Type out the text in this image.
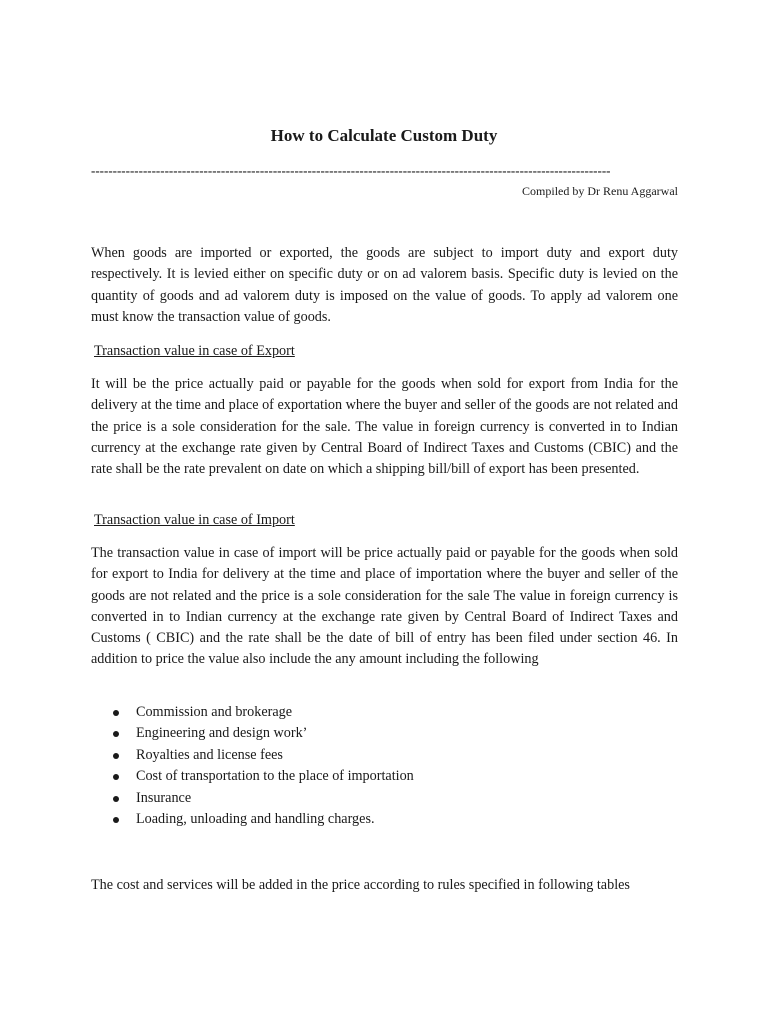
How to Calculate Custom Duty
------------------------------------------------------------------------------------------------------------------------
Compiled by Dr Renu Aggarwal

When goods are imported or exported, the goods are subject to import duty and export duty respectively. It is levied either on specific duty or on ad valorem basis. Specific duty is levied on the quantity of goods and ad valorem duty is imposed on the value of goods. To apply ad valorem one must know the transaction value of goods.

Transaction value in case of Export

It will be the price actually paid or payable for the goods when sold for export from India for the delivery at the time and place of exportation where the buyer and seller of the goods are not related and the price is a sole consideration for the sale. The value in foreign currency is converted in to Indian currency at the exchange rate given by Central Board of Indirect Taxes and Customs (CBIC) and the rate shall be the rate prevalent on date on which a shipping bill/bill of export has been presented.

Transaction value in case of Import

The transaction value in case of import will be price actually paid or payable for the goods when sold for export to India for delivery at the time and place of importation where the buyer and seller of the goods are not related and the price is a sole consideration for the sale The value in foreign currency is converted in to Indian currency at the exchange rate given by Central Board of Indirect Taxes and Customs ( CBIC) and the rate shall be the date of bill of entry has been filed under section 46. In addition to price the value also include the any amount including the following

Commission and brokerage
Engineering and design work’
Royalties and license fees
Cost of transportation to the place of importation
Insurance
Loading, unloading and handling charges.

The cost and services will be added in the price according to rules specified in following tables
